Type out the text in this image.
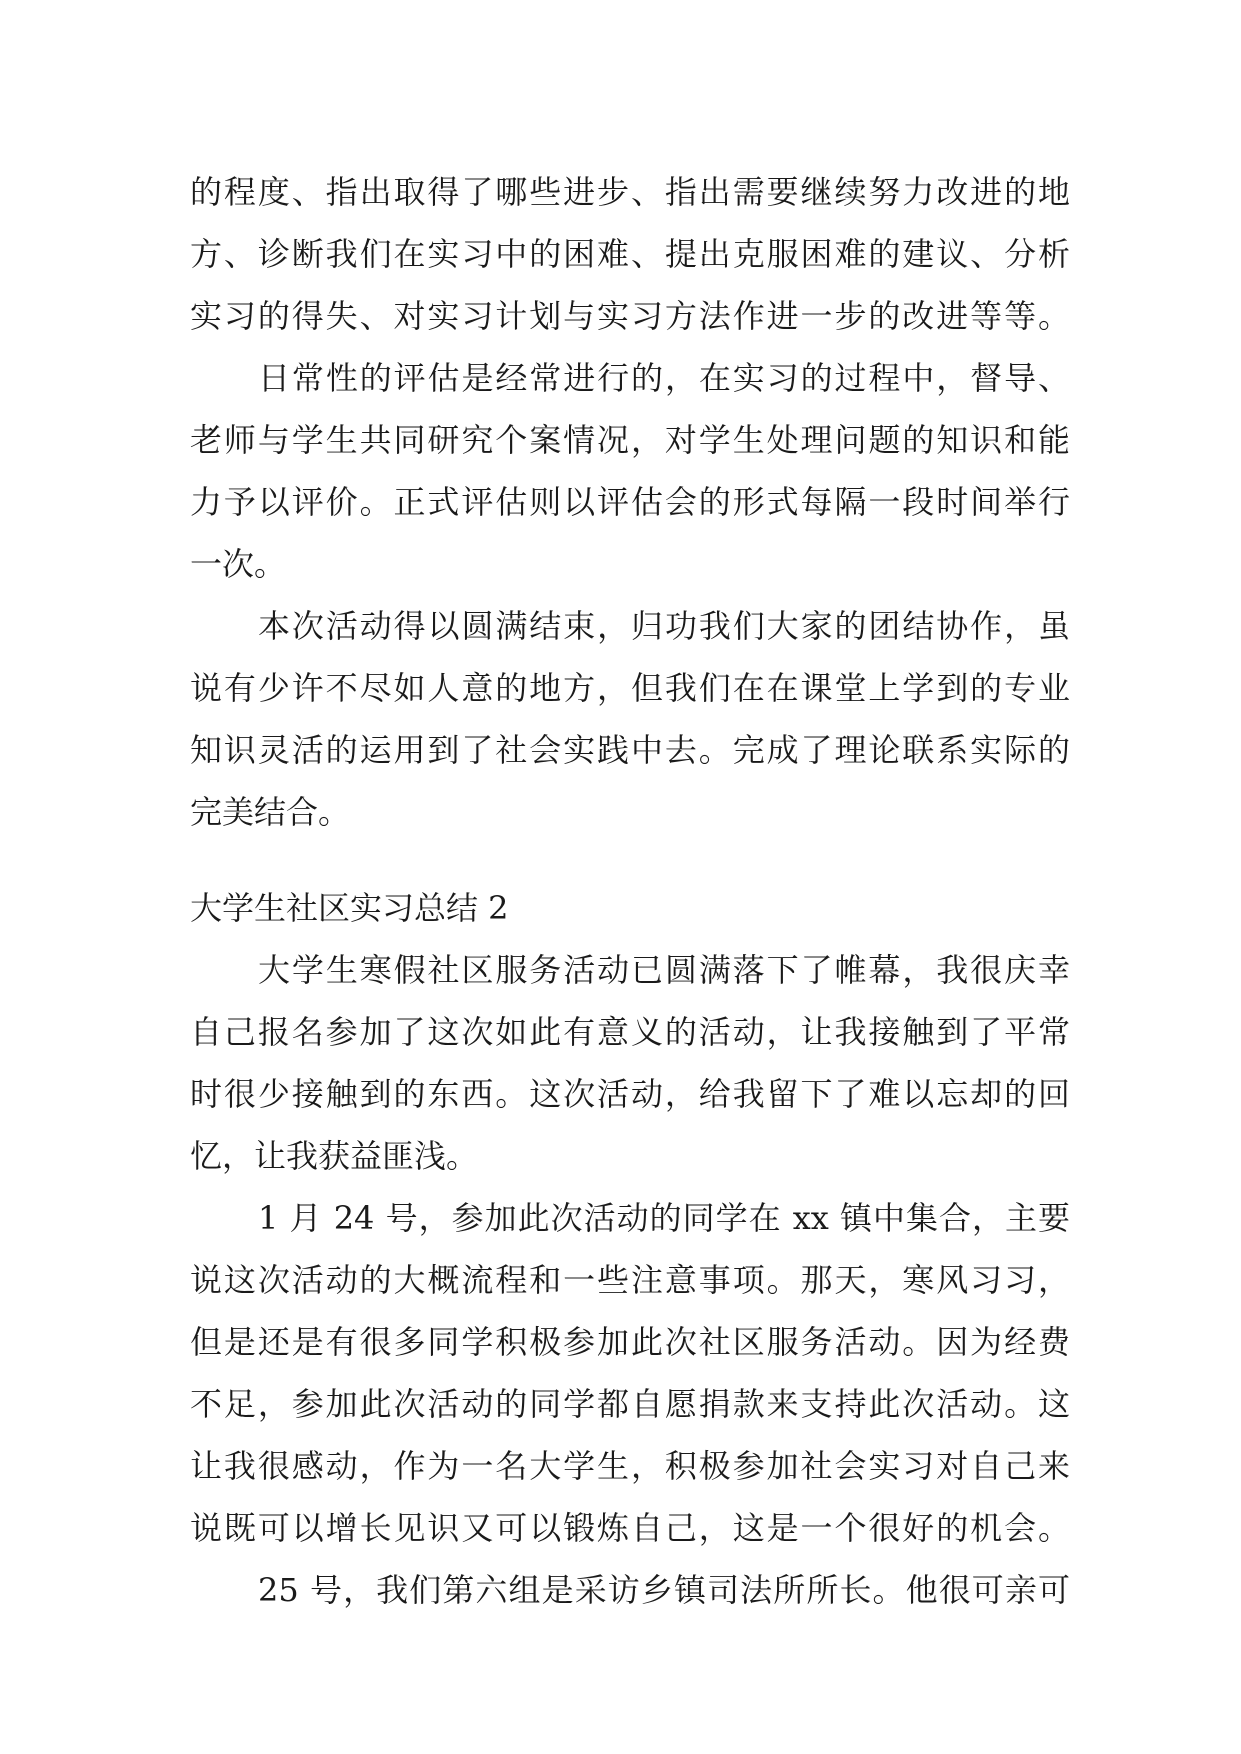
的程度、指出取得了哪些进步、指出需要继续努力改进的地
方、诊断我们在实习中的困难、提出克服困难的建议、分析
实习的得失、对实习计划与实习方法作进一步的改进等等。
日常性的评估是经常进行的，在实习的过程中，督导、
老师与学生共同研究个案情况，对学生处理问题的知识和能
力予以评价。正式评估则以评估会的形式每隔一段时间举行
一次。
本次活动得以圆满结束，归功我们大家的团结协作，虽
说有少许不尽如人意的地方，但我们在在课堂上学到的专业
知识灵活的运用到了社会实践中去。完成了理论联系实际的
完美结合。
大学生社区实习总结 2
大学生寒假社区服务活动已圆满落下了帷幕，我很庆幸
自己报名参加了这次如此有意义的活动，让我接触到了平常
时很少接触到的东西。这次活动，给我留下了难以忘却的回
忆，让我获益匪浅。
1 月 24 号，参加此次活动的同学在 xx 镇中集合，主要
说这次活动的大概流程和一些注意事项。那天，寒风习习，
但是还是有很多同学积极参加此次社区服务活动。因为经费
不足，参加此次活动的同学都自愿捐款来支持此次活动。这
让我很感动，作为一名大学生，积极参加社会实习对自己来
说既可以增长见识又可以锻炼自己，这是一个很好的机会。
25 号，我们第六组是采访乡镇司法所所长。他很可亲可
